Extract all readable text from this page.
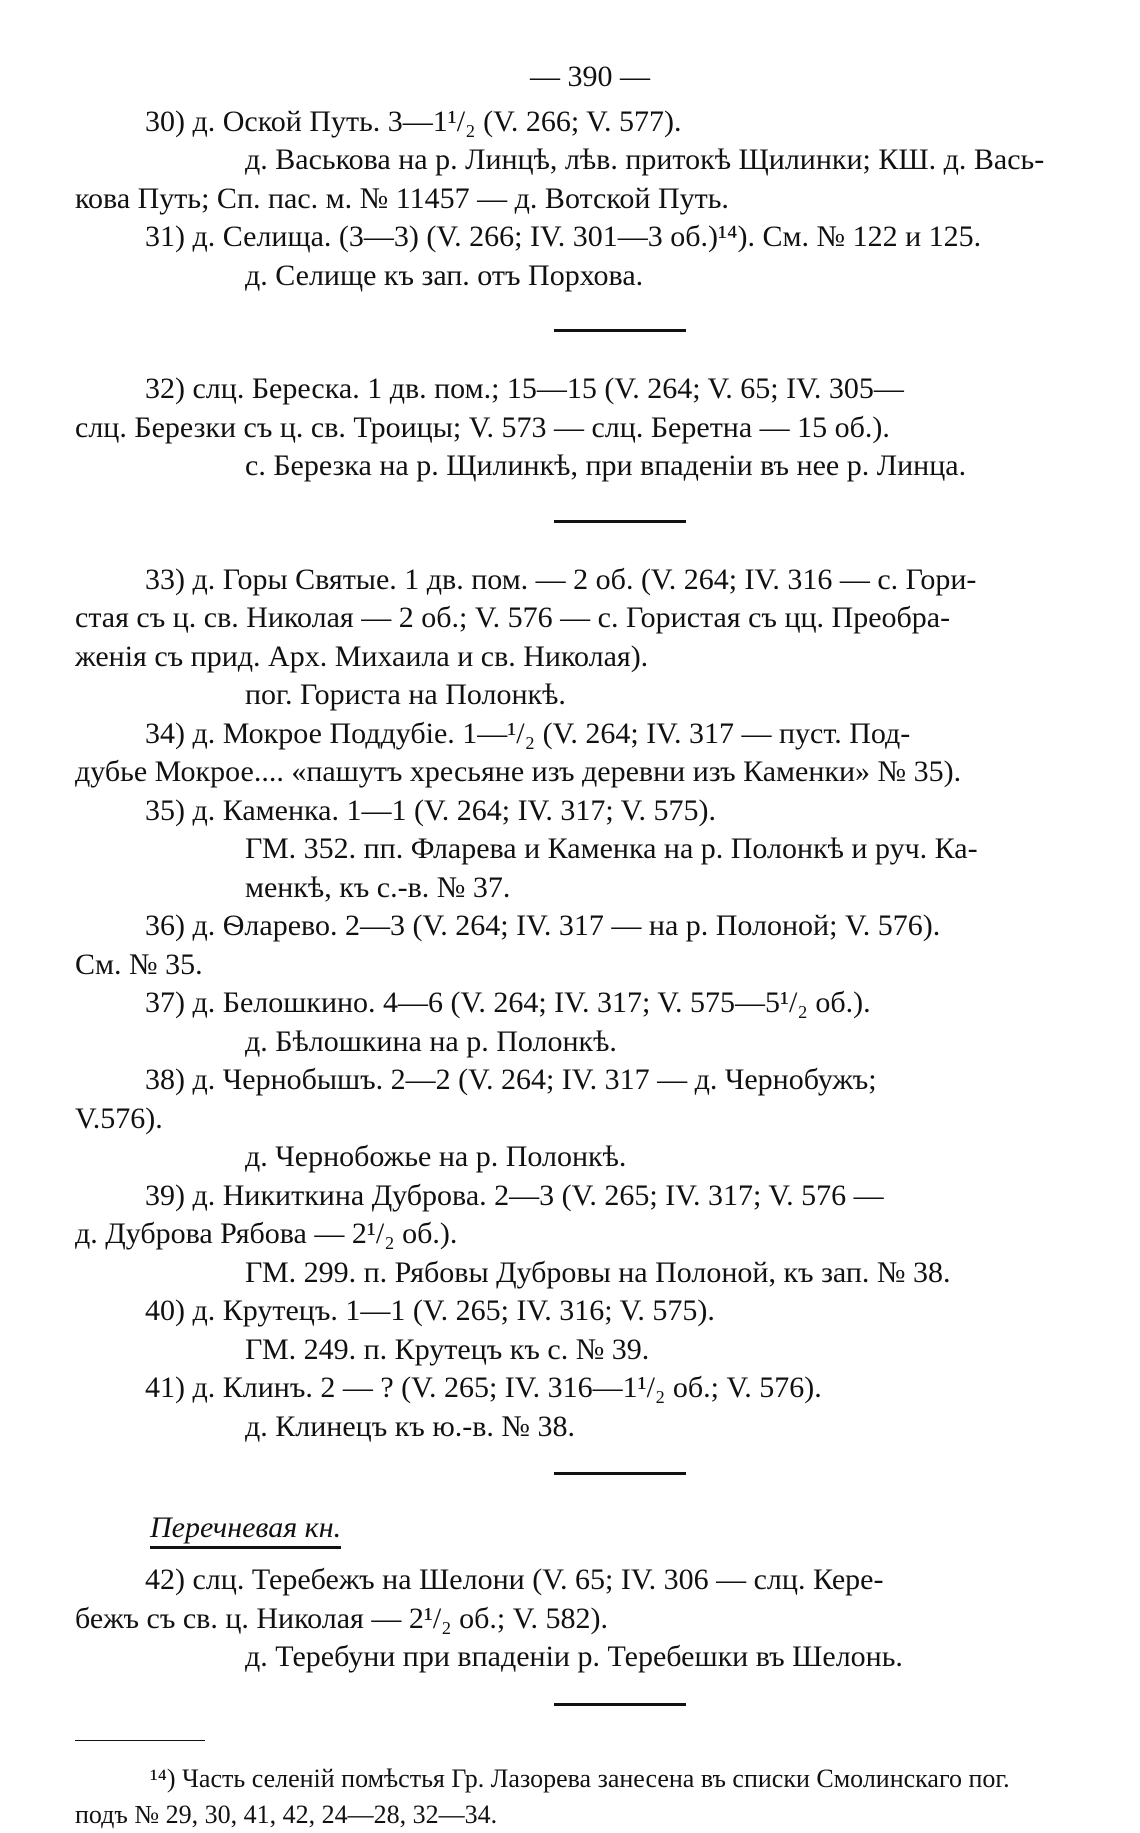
— 390 —

30) д. Оской Путь. 3—1¹/₂ (V. 266; V. 577).

д. Васькова на р. Линцѣ, лѣв. притокѣ Щилинки; КШ. д. Вась-

кова Путь; Сп. пас. м. № 11457 — д. Вотской Путь.

31) д. Селища. (3—3) (V. 266; IV. 301—3 об.)¹⁴). См. № 122 и 125.

д. Селище къ зап. отъ Порхова.

32) слц. Береска. 1 дв. пом.; 15—15 (V. 264; V. 65; IV. 305—

слц. Березки съ ц. св. Троицы; V. 573 — слц. Беретна — 15 об.).

с. Березка на р. Щилинкѣ, при впаденіи въ нее р. Линца.

33) д. Горы Святые. 1 дв. пом. — 2 об. (V. 264; IV. 316 — с. Гори-

стая съ ц. св. Николая — 2 об.; V. 576 — с. Гористая съ цц. Преобра-

женія съ прид. Арх. Михаила и св. Николая).

пог. Гориста на Полонкѣ.

34) д. Мокрое Поддубіе. 1—¹/₂ (V. 264; IV. 317 — пуст. Под-

дубье Мокрое.... «пашутъ хресьяне изъ деревни изъ Каменки» № 35).

35) д. Каменка. 1—1 (V. 264; IV. 317; V. 575).

ГМ. 352. пп. Фларева и Каменка на р. Полонкѣ и руч. Ка-

менкѣ, къ с.-в. № 37.

36) д. Ѳларево. 2—3 (V. 264; IV. 317 — на р. Полоной; V. 576).

См. № 35.

37) д. Белошкино. 4—6 (V. 264; IV. 317; V. 575—5¹/₂ об.).

д. Бѣлошкина на р. Полонкѣ.

38) д. Чернобышъ. 2—2 (V. 264; IV. 317 — д. Чернобужъ;

V.576).

д. Чернобожье на р. Полонкѣ.

39) д. Никиткина Дуброва. 2—3 (V. 265; IV. 317; V. 576 —

д. Дуброва Рябова — 2¹/₂ об.).

ГМ. 299. п. Рябовы Дубровы на Полоной, къ зап. № 38.

40) д. Крутецъ. 1—1 (V. 265; IV. 316; V. 575).

ГМ. 249. п. Крутецъ къ с. № 39.

41) д. Клинъ. 2 — ? (V. 265; IV. 316—1¹/₂ об.; V. 576).

д. Клинецъ къ ю.-в. № 38.

Перечневая кн.

42) слц. Теребежъ на Шелони (V. 65; IV. 306 — слц. Кере-

бежъ съ св. ц. Николая — 2¹/₂ об.; V. 582).

д. Теребуни при впаденіи р. Теребешки въ Шелонь.

¹⁴) Часть селеній помѣстья Гр. Лазорева занесена въ списки Смолинскаго пог.

подъ № 29, 30, 41, 42, 24—28, 32—34.
